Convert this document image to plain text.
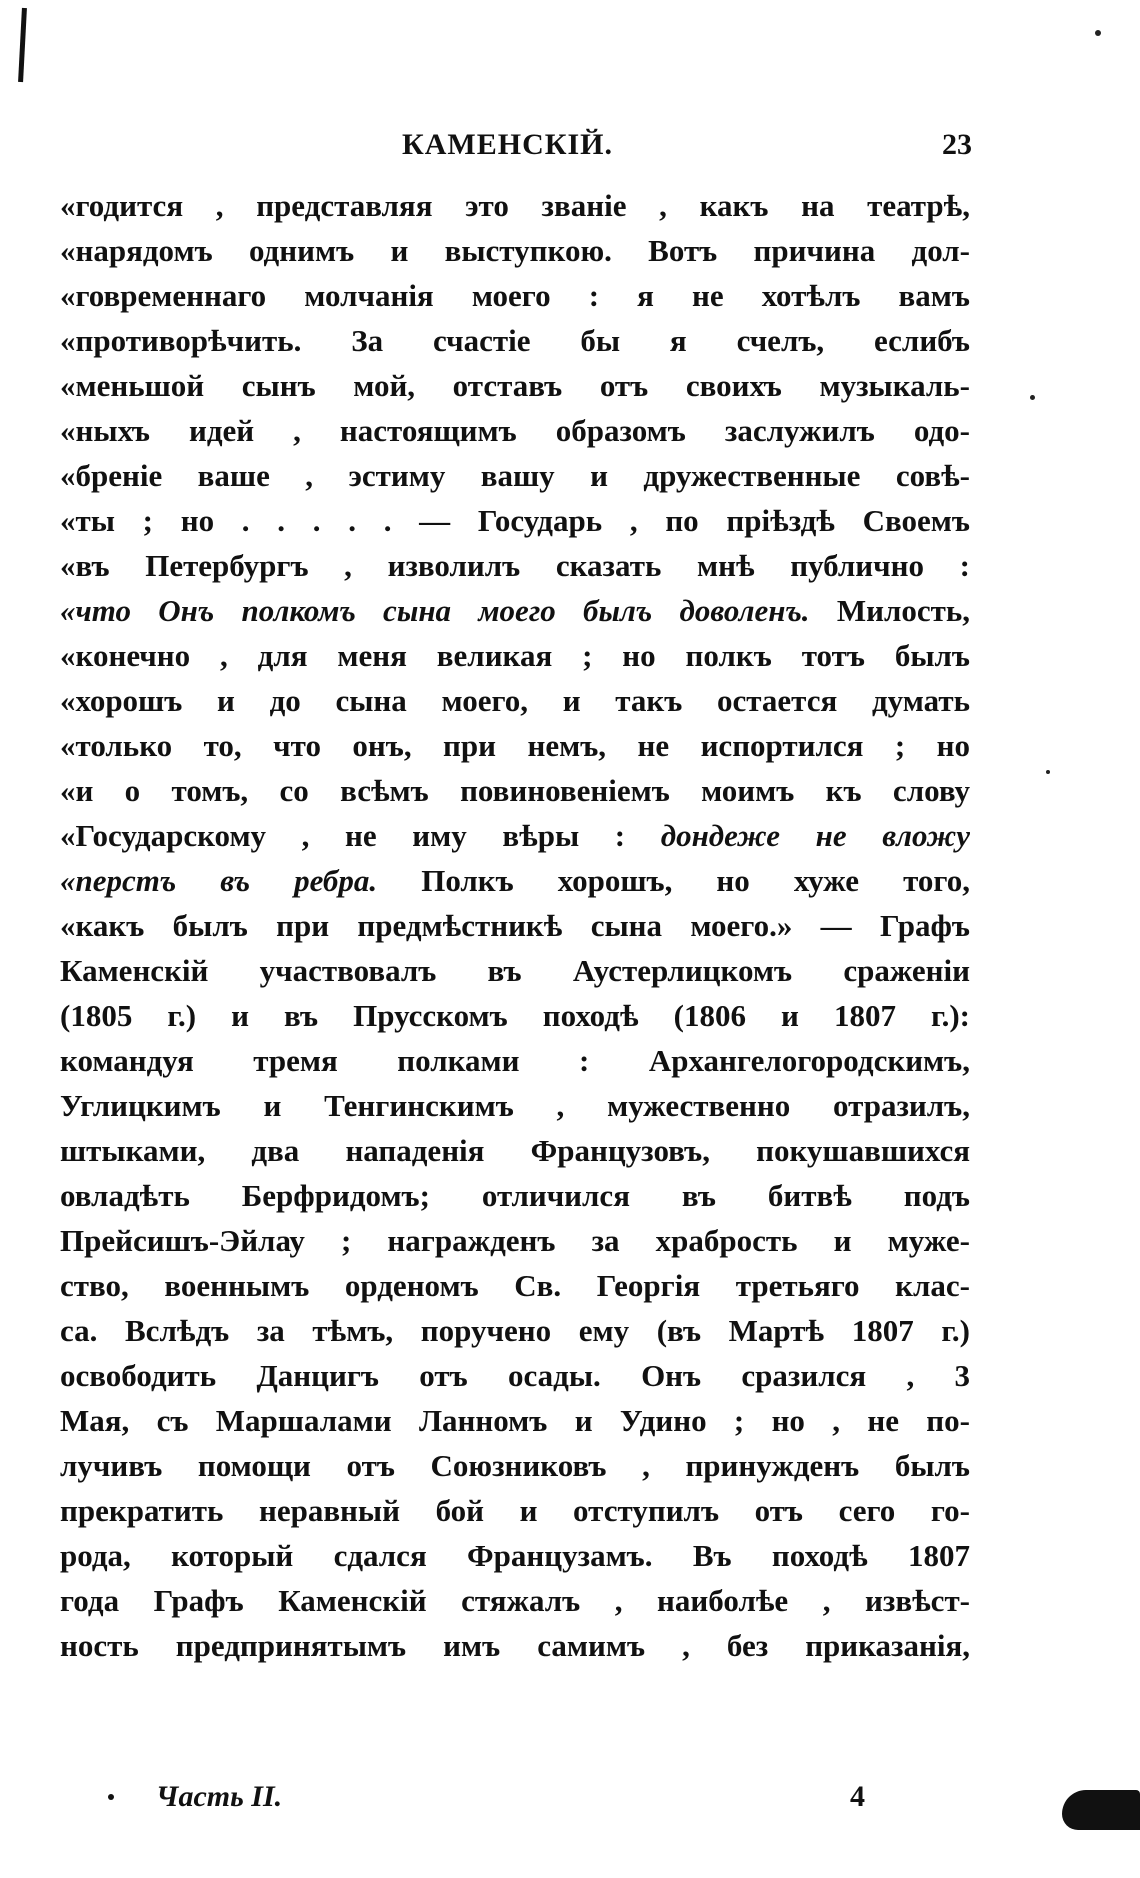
КАМЕНСКІЙ.	23
«годится , представляя это званіе , какъ на театрѣ,
«нарядомъ однимъ и выступкою. Вотъ причина дол-
«говременнаго молчанія моего : я не хотѣлъ вамъ
«противорѣчить. За счастіе бы я счелъ, еслибъ
«меньшой сынъ мой, отставъ отъ своихъ музыкаль-
«ныхъ идей , настоящимъ образомъ заслужилъ одо-
«бреніе ваше , эстиму вашу и дружественные совѣ-
«ты ; но . . . . . — Государь , по пріѣздѣ Своемъ
«въ Петербургъ , изволилъ сказать мнѣ публично :
«что Онъ полкомъ сына моего былъ доволенъ. Милость,
«конечно , для меня великая ; но полкъ тотъ былъ
«хорошъ и до сына моего, и такъ остается думать
«только то, что онъ, при немъ, не испортился ; но
«и о томъ, со всѣмъ повиновеніемъ моимъ къ слову
«Государскому , не иму вѣры : дондеже не вложу
«перстъ въ ребра. Полкъ хорошъ, но хуже того,
«какъ былъ при предмѣстникѣ сына моего.» — Графъ
Каменскій участвовалъ въ Аустерлицкомъ сраженіи
(1805 г.) и въ Прусскомъ походѣ (1806 и 1807 г.):
командуя тремя полками : Архангелогородскимъ,
Углицкимъ и Тенгинскимъ , мужественно отразилъ,
штыками, два нападенія Французовъ, покушавшихся
овладѣть Берфридомъ; отличился въ битвѣ подъ
Прейсишъ-Эйлау ; награжденъ за храбрость и муже-
ство, военнымъ орденомъ Св. Георгія третьяго клас-
са. Вслѣдъ за тѣмъ, поручено ему (въ Мартѣ 1807 г.)
освободить Данцигъ отъ осады. Онъ сразился , 3
Мая, съ Маршалами Ланномъ и Удино ; но , не по-
лучивъ помощи отъ Союзниковъ , принужденъ былъ
прекратить неравный бой и отступилъ отъ сего го-
рода, который сдался Французамъ. Въ походѣ 1807
года Графъ Каменскій стяжалъ , наиболѣе , извѣст-
ность предпринятымъ имъ самимъ , без приказанія,
Часть II.	4
